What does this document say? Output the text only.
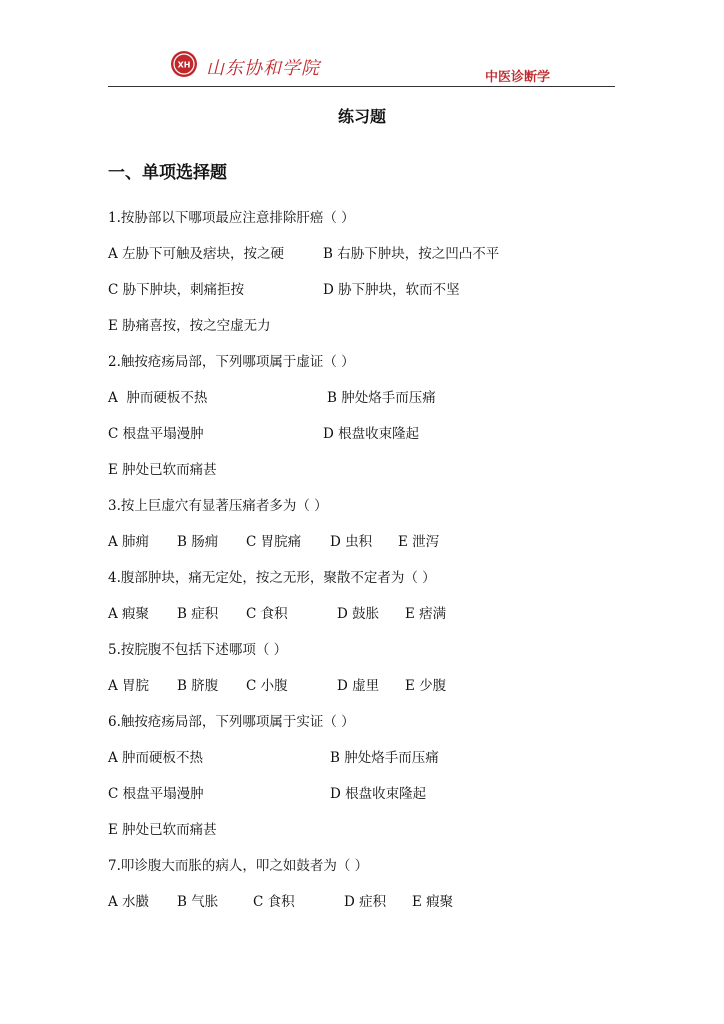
XH 山东协和学院	中医诊断学
练习题
一、单项选择题
1.按胁部以下哪项最应注意排除肝癌（ ）
A 左胁下可触及痞块，按之硬	B 右胁下肿块，按之凹凸不平
C 胁下肿块，刺痛拒按	D 胁下肿块，软而不坚
E 胁痛喜按，按之空虚无力
2.触按疮疡局部，下列哪项属于虚证（ ）
A  肿而硬板不热	B 肿处烙手而压痛
C 根盘平塌漫肿	D 根盘收束隆起
E 肿处已软而痛甚
3.按上巨虚穴有显著压痛者多为（ ）
A 肺痈 B 肠痈 C 胃脘痛 D 虫积 E 泄泻
4.腹部肿块，痛无定处，按之无形，聚散不定者为（ ）
A 瘕聚 B 症积 C 食积	D 鼓胀 E 痞满
5.按脘腹不包括下述哪项（ ）
A 胃脘 B 脐腹 C 小腹	D 虚里 E 少腹
6.触按疮疡局部，下列哪项属于实证（ ）
A 肿而硬板不热	B 肿处烙手而压痛
C 根盘平塌漫肿	D 根盘收束隆起
E 肿处已软而痛甚
7.叩诊腹大而胀的病人，叩之如鼓者为（ ）
A 水臌 B 气胀	C 食积	D 症积 E 瘕聚
